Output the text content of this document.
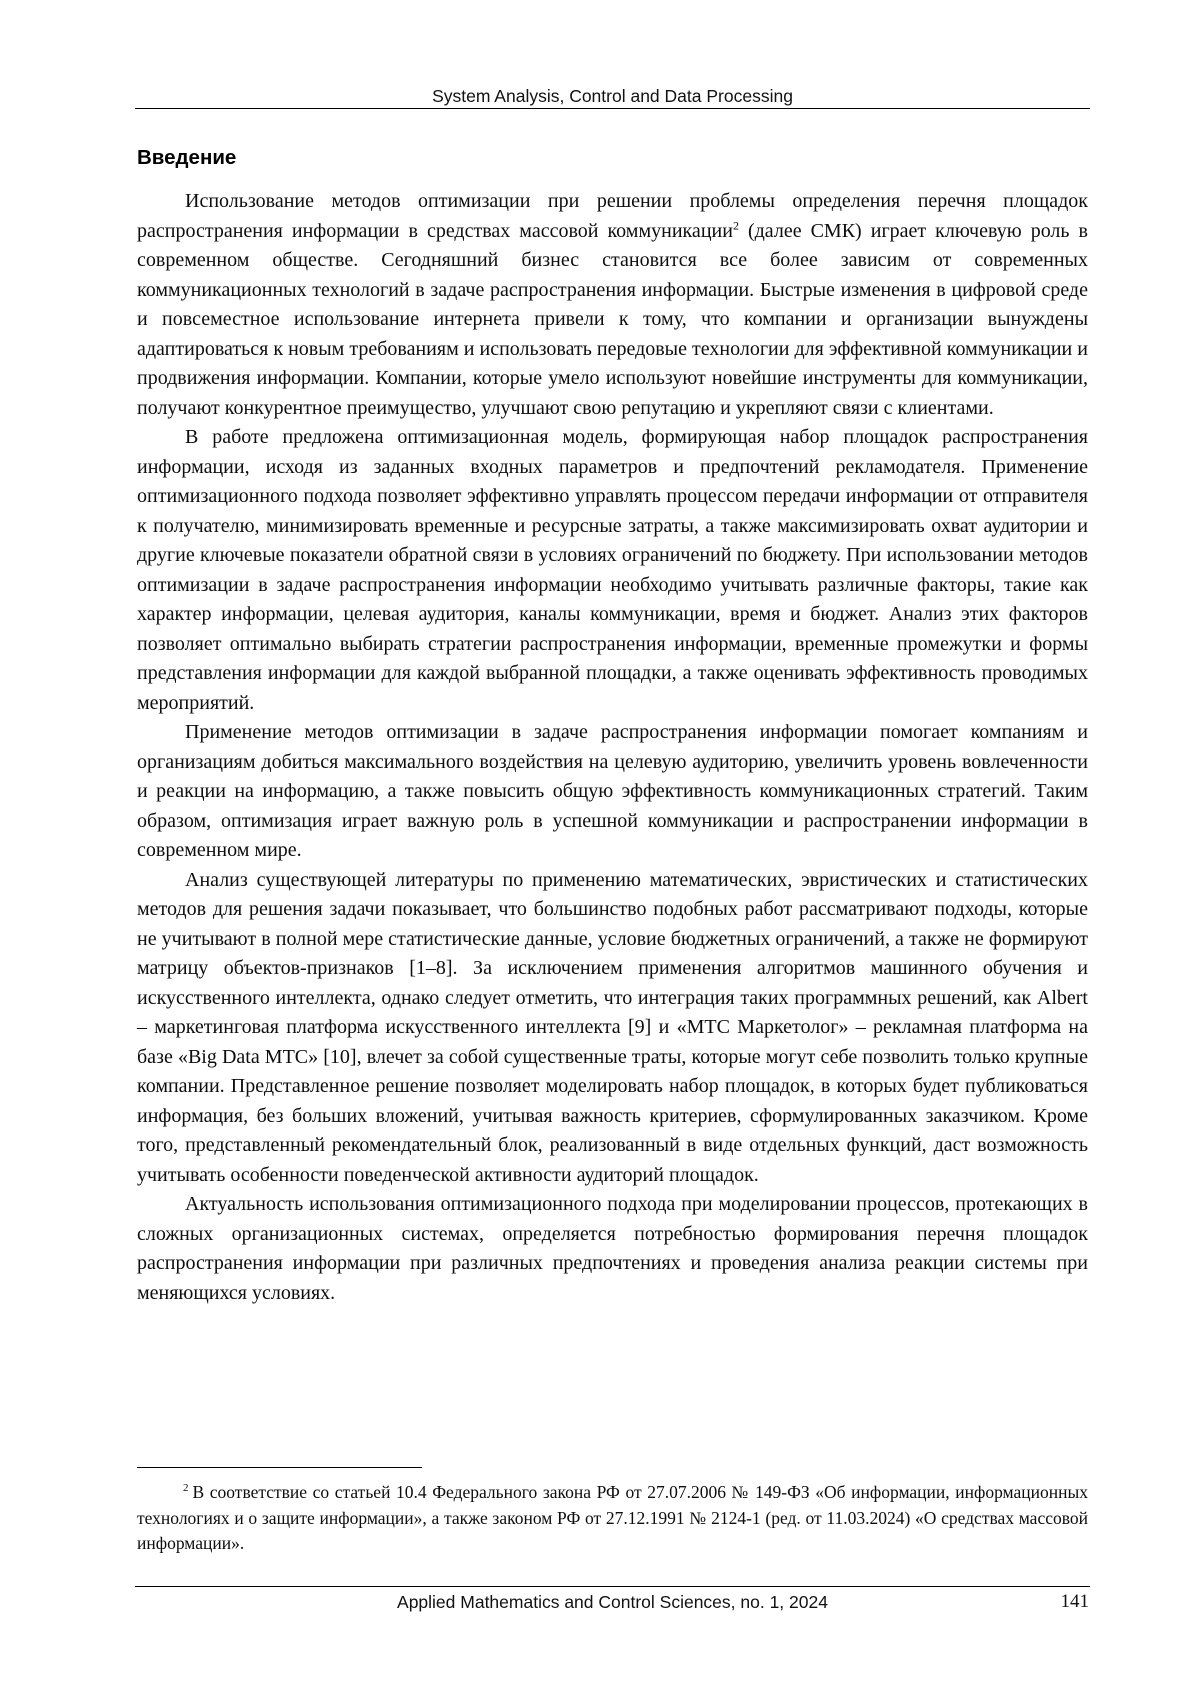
System Analysis, Control and Data Processing
Введение

Использование методов оптимизации при решении проблемы определения перечня площадок распространения информации в средствах массовой коммуникации$^2$ (далее СМК) играет ключевую роль в современном обществе. Сегодняшний бизнес становится все более зависим от современных коммуникационных технологий в задаче распространения информации. Быстрые изменения в цифровой среде и повсеместное использование интернета привели к тому, что компании и организации вынуждены адаптироваться к новым требованиям и использовать передовые технологии для эффективной коммуникации и продвижения информации. Компании, которые умело используют новейшие инструменты для коммуникации, получают конкурентное преимущество, улучшают свою репутацию и укрепляют связи с клиентами.

В работе предложена оптимизационная модель, формирующая набор площадок распространения информации, исходя из заданных входных параметров и предпочтений рекламодателя. Применение оптимизационного подхода позволяет эффективно управлять процессом передачи информации от отправителя к получателю, минимизировать временные и ресурсные затраты, а также максимизировать охват аудитории и другие ключевые показатели обратной связи в условиях ограничений по бюджету. При использовании методов оптимизации в задаче распространения информации необходимо учитывать различные факторы, такие как характер информации, целевая аудитория, каналы коммуникации, время и бюджет. Анализ этих факторов позволяет оптимально выбирать стратегии распространения информации, временные промежутки и формы представления информации для каждой выбранной площадки, а также оценивать эффективность проводимых мероприятий.

Применение методов оптимизации в задаче распространения информации помогает компаниям и организациям добиться максимального воздействия на целевую аудиторию, увеличить уровень вовлеченности и реакции на информацию, а также повысить общую эффективность коммуникационных стратегий. Таким образом, оптимизация играет важную роль в успешной коммуникации и распространении информации в современном мире.

Анализ существующей литературы по применению математических, эвристических и статистических методов для решения задачи показывает, что большинство подобных работ рассматривают подходы, которые не учитывают в полной мере статистические данные, условие бюджетных ограничений, а также не формируют матрицу объектов-признаков [1–8]. За исключением применения алгоритмов машинного обучения и искусственного интеллекта, однако следует отметить, что интеграция таких программных решений, как Albert – маркетинговая платформа искусственного интеллекта [9] и «МТС Маркетолог» – рекламная платформа на базе «Big Data МТС» [10], влечет за собой существенные траты, которые могут себе позволить только крупные компании. Представленное решение позволяет моделировать набор площадок, в которых будет публиковаться информация, без больших вложений, учитывая важность критериев, сформулированных заказчиком. Кроме того, представленный рекомендательный блок, реализованный в виде отдельных функций, даст возможность учитывать особенности поведенческой активности аудиторий площадок.

Актуальность использования оптимизационного подхода при моделировании процессов, протекающих в сложных организационных системах, определяется потребностью формирования перечня площадок распространения информации при различных предпочтениях и проведения анализа реакции системы при меняющихся условиях.

$^2$ В соответствие со статьей 10.4 Федерального закона РФ от 27.07.2006 № 149-ФЗ «Об информации, информационных технологиях и о защите информации», а также законом РФ от 27.12.1991 № 2124-1 (ред. от 11.03.2024) «О средствах массовой информации».

Applied Mathematics and Control Sciences, no. 1, 2024	141
